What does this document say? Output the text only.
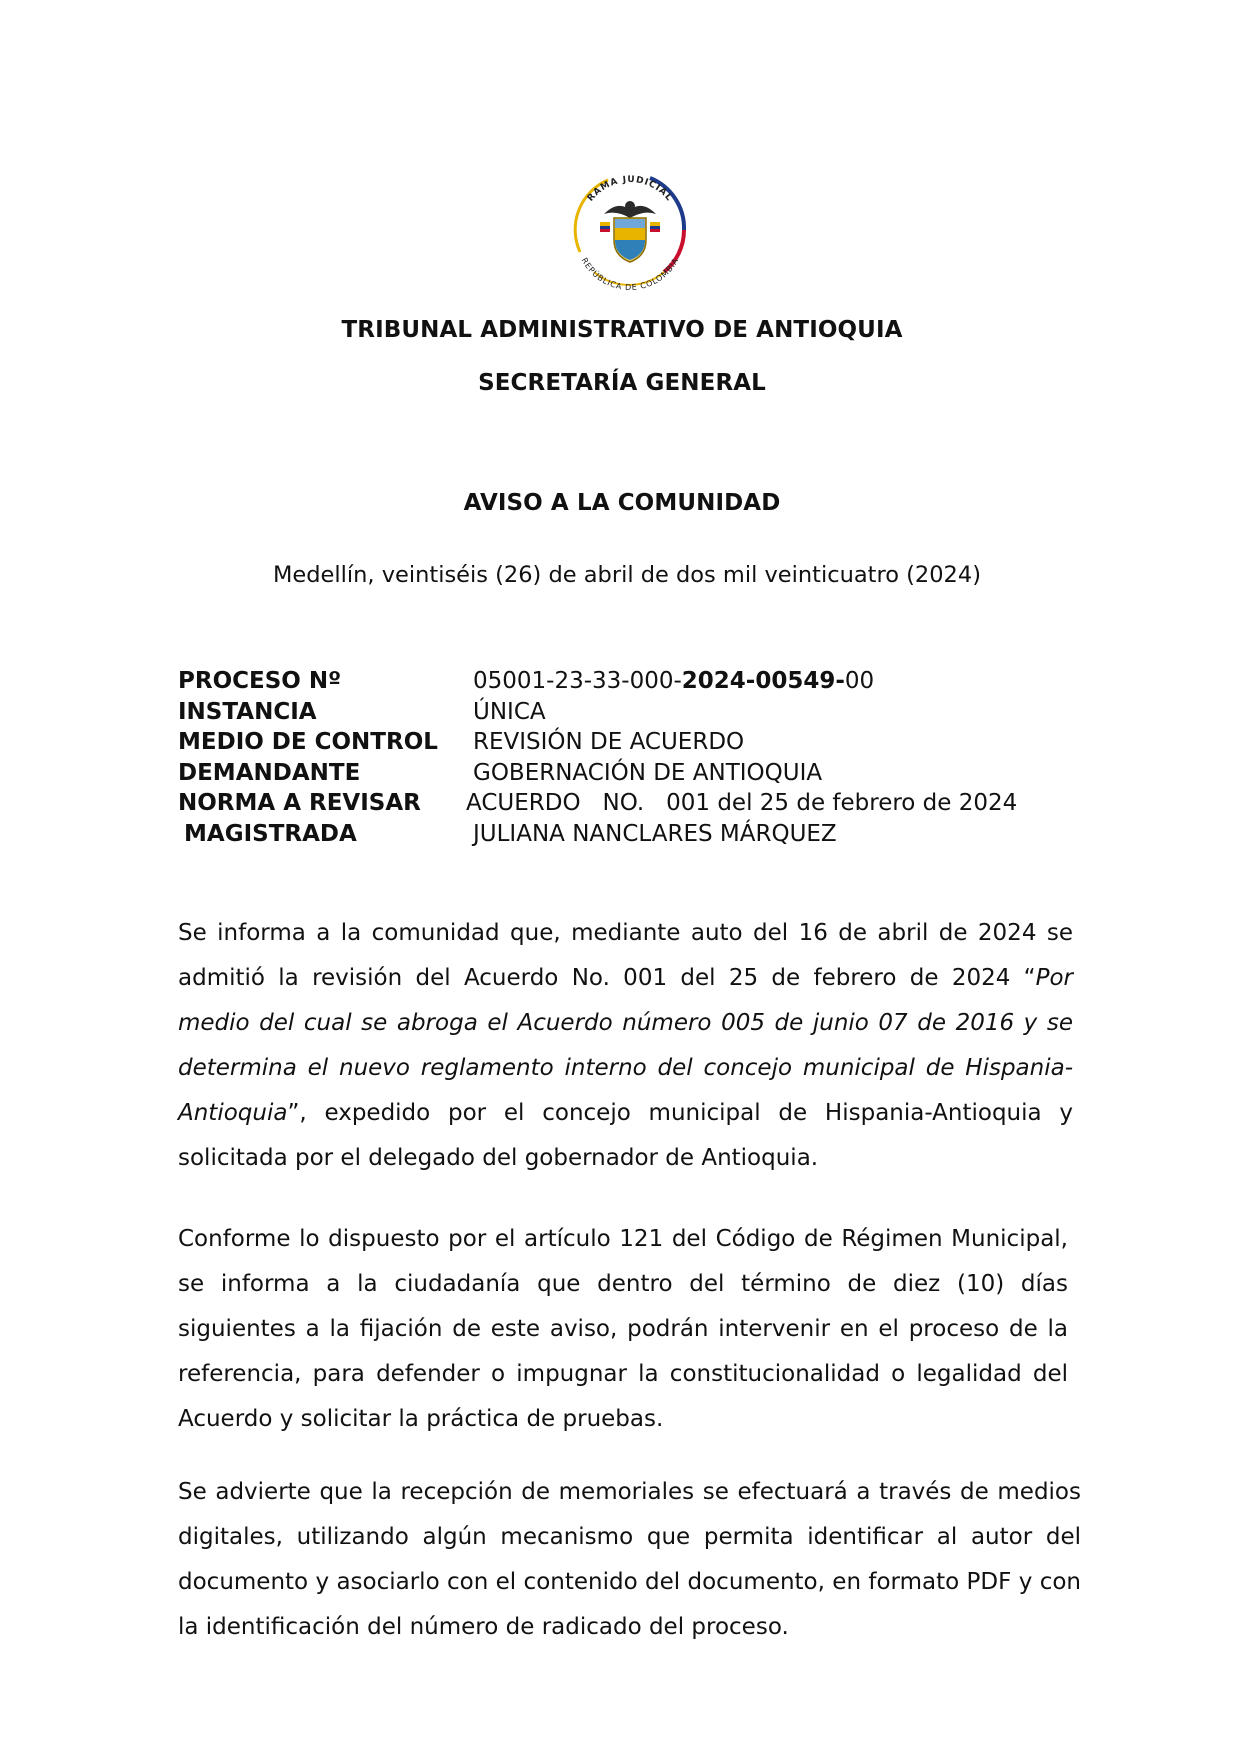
RAMA JUDICIAL
REPÚBLICA DE COLOMBIA
TRIBUNAL ADMINISTRATIVO DE ANTIOQUIA
SECRETARÍA GENERAL
AVISO A LA COMUNIDAD
Medellín, veintiséis (26) de abril de dos mil veinticuatro (2024)
PROCESO Nº	05001-23-33-000-2024-00549-00
INSTANCIA	ÚNICA
MEDIO DE CONTROL REVISIÓN DE ACUERDO
DEMANDANTE	GOBERNACIÓN DE ANTIOQUIA
NORMA A REVISAR ACUERDO   NO.   001 del 25 de febrero de 2024
MAGISTRADA	JULIANA NANCLARES MÁRQUEZ

Se informa a la comunidad que, mediante auto del 16 de abril de 2024 se admitió la revisión del Acuerdo No. 001 del 25 de febrero de 2024 “Por medio del cual se abroga el Acuerdo número 005 de junio 07 de 2016 y se determina el nuevo reglamento interno del concejo municipal de Hispania-Antioquia”, expedido por el concejo municipal de Hispania-Antioquia y solicitada por el delegado del gobernador de Antioquia.

Conforme lo dispuesto por el artículo 121 del Código de Régimen Municipal, se informa a la ciudadanía que dentro del término de diez (10) días siguientes a la fijación de este aviso, podrán intervenir en el proceso de la referencia, para defender o impugnar la constitucionalidad o legalidad del Acuerdo y solicitar la práctica de pruebas.

Se advierte que la recepción de memoriales se efectuará a través de medios digitales, utilizando algún mecanismo que permita identificar al autor del documento y asociarlo con el contenido del documento, en formato PDF y con la identificación del número de radicado del proceso.
